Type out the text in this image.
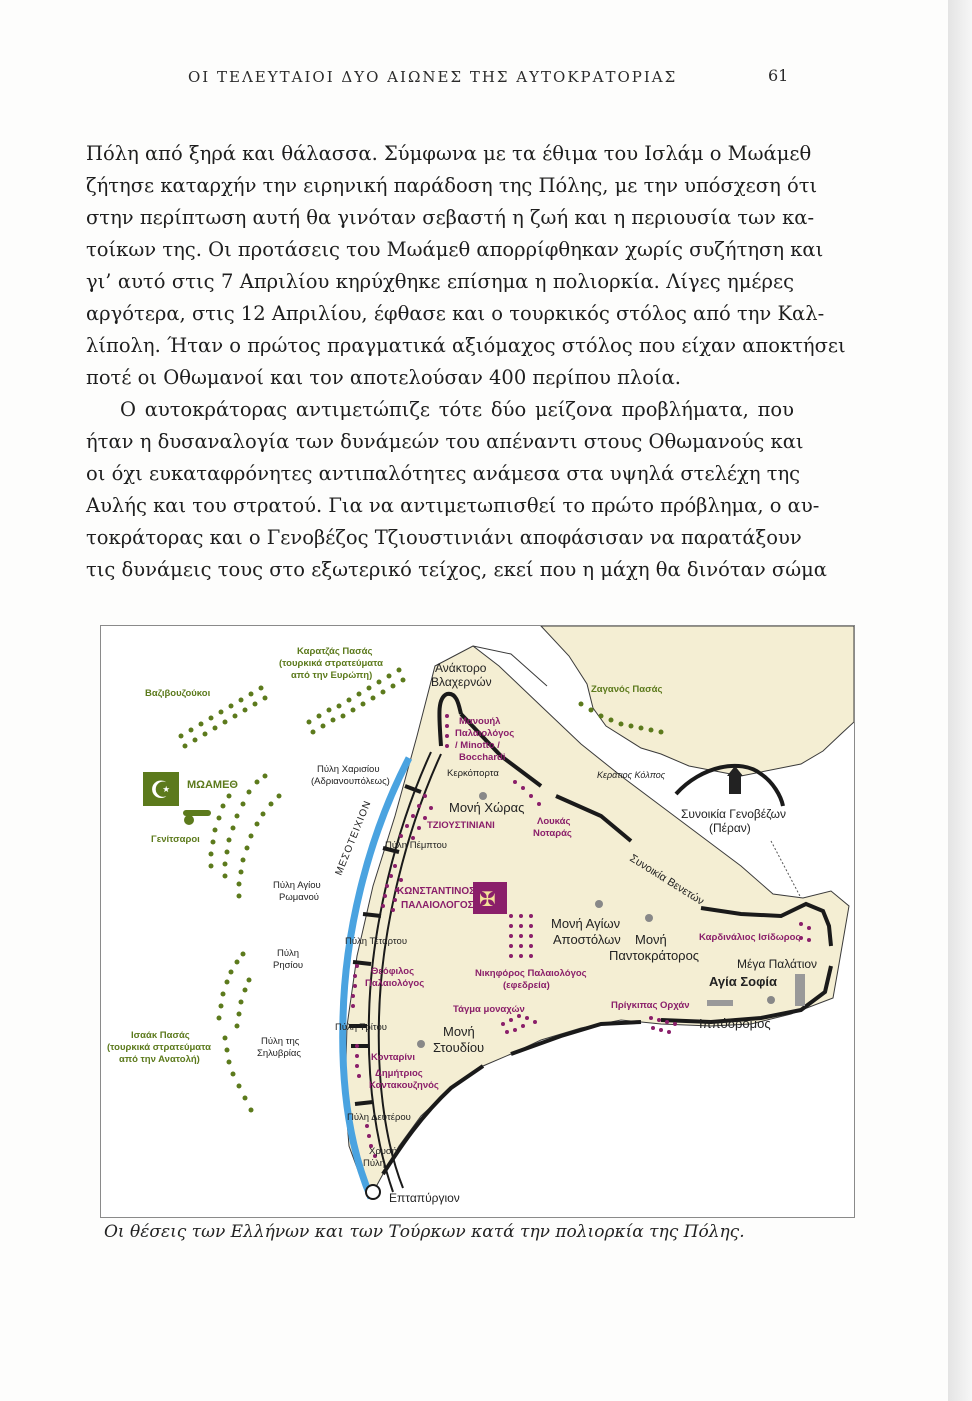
ΟΙ ΤΕΛΕΥΤΑΙΟΙ ΔΥΟ ΑΙΩΝΕΣ ΤΗΣ ΑΥΤΟΚΡΑΤΟΡΙΑΣ	61
Πόλη από ξηρά και θάλασσα. Σύμφωνα με τα έθιμα του Ισλάμ ο Μωάμεθ
ζήτησε καταρχήν την ειρηνική παράδοση της Πόλης, με την υπόσχεση ότι
στην περίπτωση αυτή θα γινόταν σεβαστή η ζωή και η περιουσία των κα-
τοίκων της. Οι προτάσεις του Μωάμεθ απορρίφθηκαν χωρίς συζήτηση και
γι’ αυτό στις 7 Απριλίου κηρύχθηκε επίσημα η πολιορκία. Λίγες ημέρες
αργότερα, στις 12 Απριλίου, έφθασε και ο τουρκικός στόλος από την Καλ-
λίπολη. Ήταν ο πρώτος πραγματικά αξιόμαχος στόλος που είχαν αποκτήσει
ποτέ οι Οθωμανοί και τον αποτελούσαν 400 περίπου πλοία.
Ο αυτοκράτορας αντιμετώπιζε τότε δύο μείζονα προβλήματα, που
ήταν η δυσαναλογία των δυνάμεών του απέναντι στους Οθωμανούς και
οι όχι ευκαταφρόνητες αντιπαλότητες ανάμεσα στα υψηλά στελέχη της
Αυλής και του στρατού. Για να αντιμετωπισθεί το πρώτο πρόβλημα, ο αυ-
τοκράτορας και ο Γενοβέζος Τζιουστινιάνι αποφάσισαν να παρατάξουν
τις δυνάμεις τους στο εξωτερικό τείχος, εκεί που η μάχη θα δινόταν σώμα
☪
✠
Καρατζάς Πασάς
(τουρκικά στρατεύματα
από την Ευρώπη)
Βαζιβουζούκοι
ΜΩΑΜΕΘ
Γενίτσαροι
Ζαγανός Πασάς
Ισαάκ Πασάς
(τουρκικά στρατεύματα
από την Ανατολή)
Πύλη Χαρισίου
(Αδριανουπόλεως)
Πύλη Πέμπτου
Πύλη Αγίου
Ρωμανού
Πύλη Τέταρτου
Πύλη
Ρησίου
Πύλη Τρίτου
Πύλη της
Σηλυβρίας
Πύλη Δευτέρου
Χρυσή
Πύλη
ΜΕΣΟΤΕΙΧΙΟΝ
Ανάκτορο
Βλαχερνών
Κερκόπορτα
Μονή Χώρας
Κεράτιος Κόλπος
Συνοικία Γενοβέζων
(Πέραν)
Συνοικία Βενετών
Μονή Αγίων
Αποστόλων Μονή
Παντοκράτορος
Μέγα Παλάτιον
Αγία Σοφία
Ιππόδρομος
Μονή
Στουδίου
Επταπύργιον
Μανουήλ
Παλαιολόγος
/ Minotto /
Bocchardi
ΤΖΙΟΥΣΤΙΝΙΑΝΙ	Λουκάς
Νοταράς
ΚΩΝΣΤΑΝΤΙΝΟΣ
ΠΑΛΑΙΟΛΟΓΟΣ
Καρδινάλιος Ισίδωρος
Θεόφιλος
Παλαιολόγος
Νικηφόρος Παλαιολόγος
(εφεδρεία)
Τάγμα μοναχών	Πρίγκιπας Ορχάν
Κονταρίνι
Δημήτριος
Καντακουζηνός
Οι θέσεις των Ελλήνων και των Τούρκων κατά την πολιορκία της Πόλης.
